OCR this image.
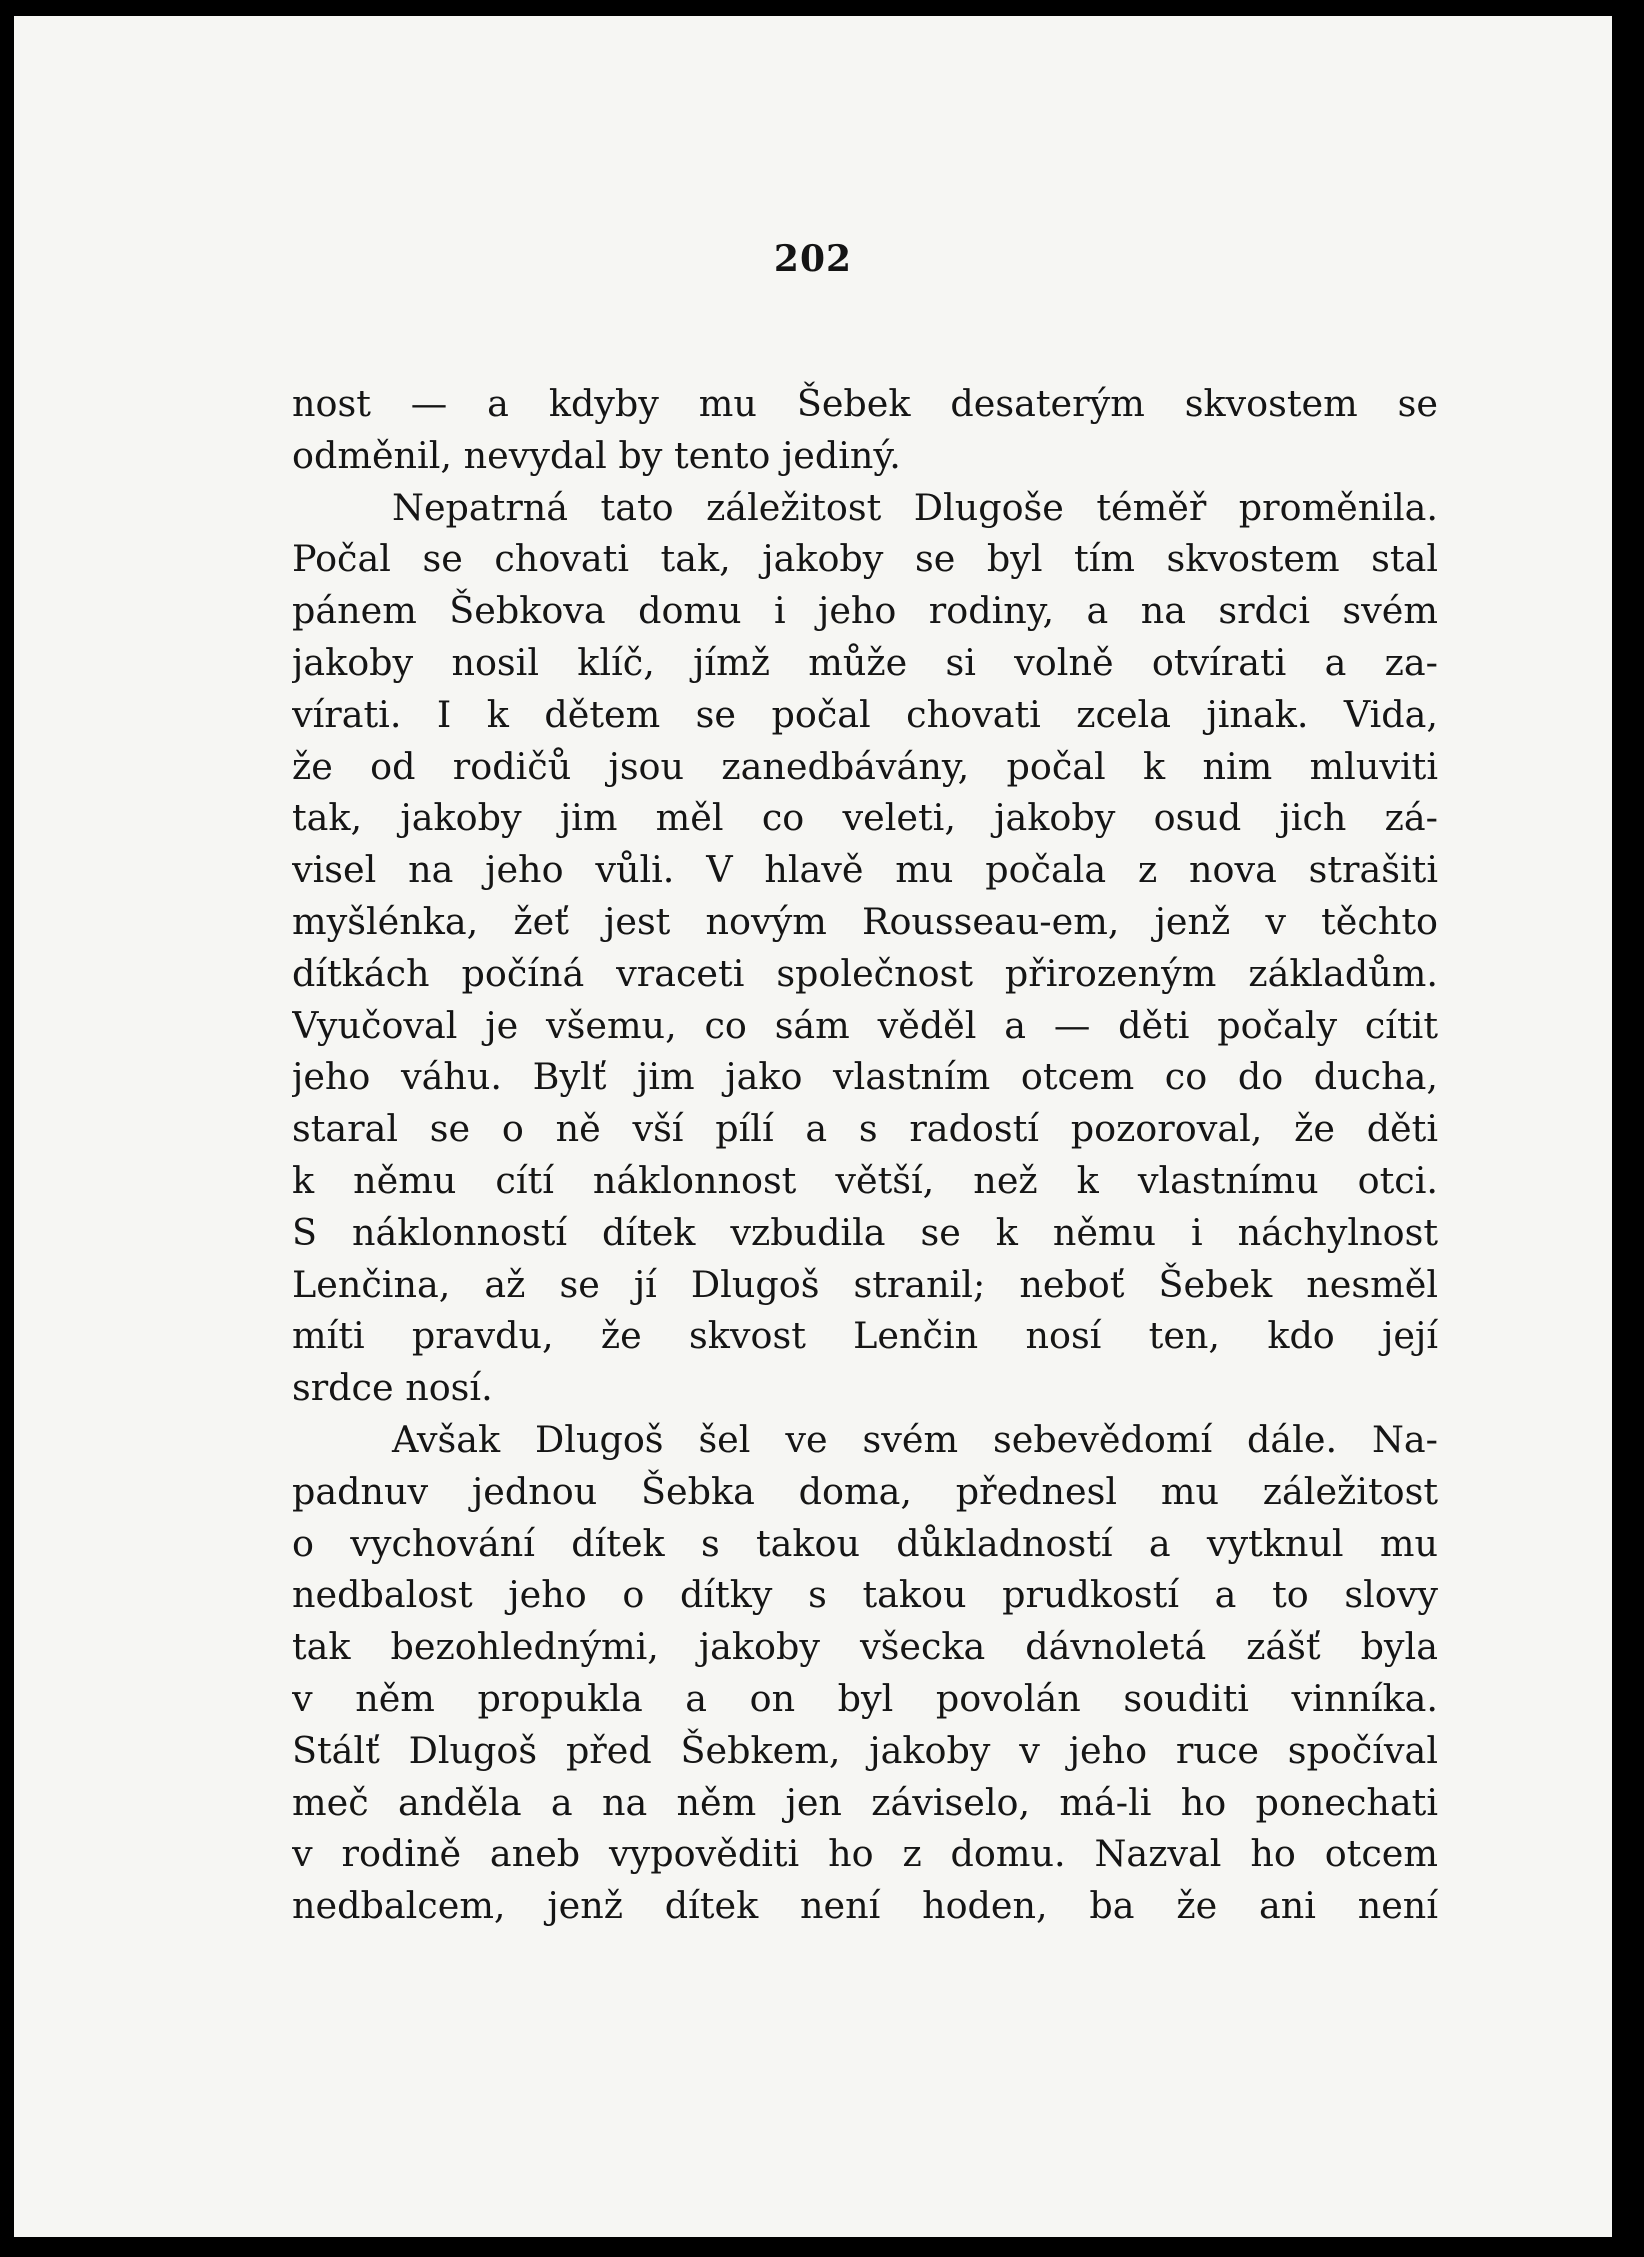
202
nost — a kdyby mu Šebek desaterým skvostem se
odměnil, nevydal by tento jediný.
Nepatrná tato záležitost Dlugoše téměř proměnila.
Počal se chovati tak, jakoby se byl tím skvostem stal
pánem Šebkova domu i jeho rodiny, a na srdci svém
jakoby nosil klíč, jímž může si volně otvírati a za-
vírati. I k dětem se počal chovati zcela jinak. Vida,
že od rodičů jsou zanedbávány, počal k nim mluviti
tak, jakoby jim měl co veleti, jakoby osud jich zá-
visel na jeho vůli. V hlavě mu počala z nova strašiti
myšlénka, žeť jest novým Rousseau-em, jenž v těchto
dítkách počíná vraceti společnost přirozeným základům.
Vyučoval je všemu, co sám věděl a — děti počaly cítit
jeho váhu. Bylť jim jako vlastním otcem co do ducha,
staral se o ně vší pílí a s radostí pozoroval, že děti
k němu cítí náklonnost větší, než k vlastnímu otci.
S náklonností dítek vzbudila se k němu i náchylnost
Lenčina, až se jí Dlugoš stranil; neboť Šebek nesměl
míti pravdu, že skvost Lenčin nosí ten, kdo její
srdce nosí.
Avšak Dlugoš šel ve svém sebevědomí dále. Na-
padnuv jednou Šebka doma, přednesl mu záležitost
o vychování dítek s takou důkladností a vytknul mu
nedbalost jeho o dítky s takou prudkostí a to slovy
tak bezohlednými, jakoby všecka dávnoletá zášť byla
v něm propukla a on byl povolán souditi vinníka.
Stálť Dlugoš před Šebkem, jakoby v jeho ruce spočíval
meč anděla a na něm jen záviselo, má-li ho ponechati
v rodině aneb vypověditi ho z domu. Nazval ho otcem
nedbalcem, jenž dítek není hoden, ba že ani není
